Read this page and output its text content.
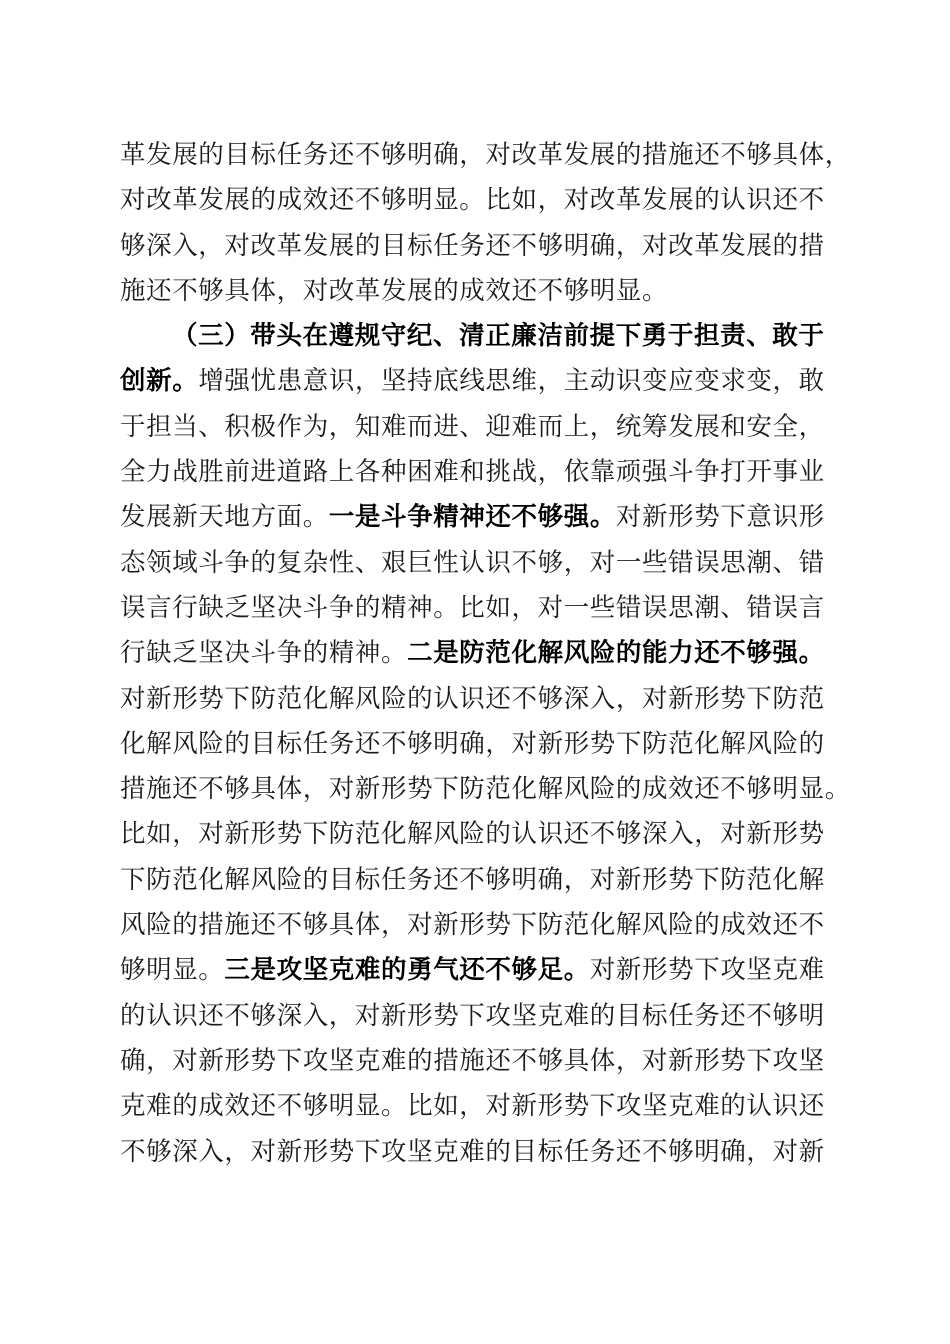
革发展的目标任务还不够明确，对改革发展的措施还不够具体，
对改革发展的成效还不够明显。比如，对改革发展的认识还不
够深入，对改革发展的目标任务还不够明确，对改革发展的措
施还不够具体，对改革发展的成效还不够明显。
（三）带头在遵规守纪、清正廉洁前提下勇于担责、敢于
创新。增强忧患意识，坚持底线思维，主动识变应变求变，敢
于担当、积极作为，知难而进、迎难而上，统筹发展和安全，
全力战胜前进道路上各种困难和挑战，依靠顽强斗争打开事业
发展新天地方面。一是斗争精神还不够强。对新形势下意识形
态领域斗争的复杂性、艰巨性认识不够，对一些错误思潮、错
误言行缺乏坚决斗争的精神。比如，对一些错误思潮、错误言
行缺乏坚决斗争的精神。二是防范化解风险的能力还不够强。
对新形势下防范化解风险的认识还不够深入，对新形势下防范
化解风险的目标任务还不够明确，对新形势下防范化解风险的
措施还不够具体，对新形势下防范化解风险的成效还不够明显。
比如，对新形势下防范化解风险的认识还不够深入，对新形势
下防范化解风险的目标任务还不够明确，对新形势下防范化解
风险的措施还不够具体，对新形势下防范化解风险的成效还不
够明显。三是攻坚克难的勇气还不够足。对新形势下攻坚克难
的认识还不够深入，对新形势下攻坚克难的目标任务还不够明
确，对新形势下攻坚克难的措施还不够具体，对新形势下攻坚
克难的成效还不够明显。比如，对新形势下攻坚克难的认识还
不够深入，对新形势下攻坚克难的目标任务还不够明确，对新
